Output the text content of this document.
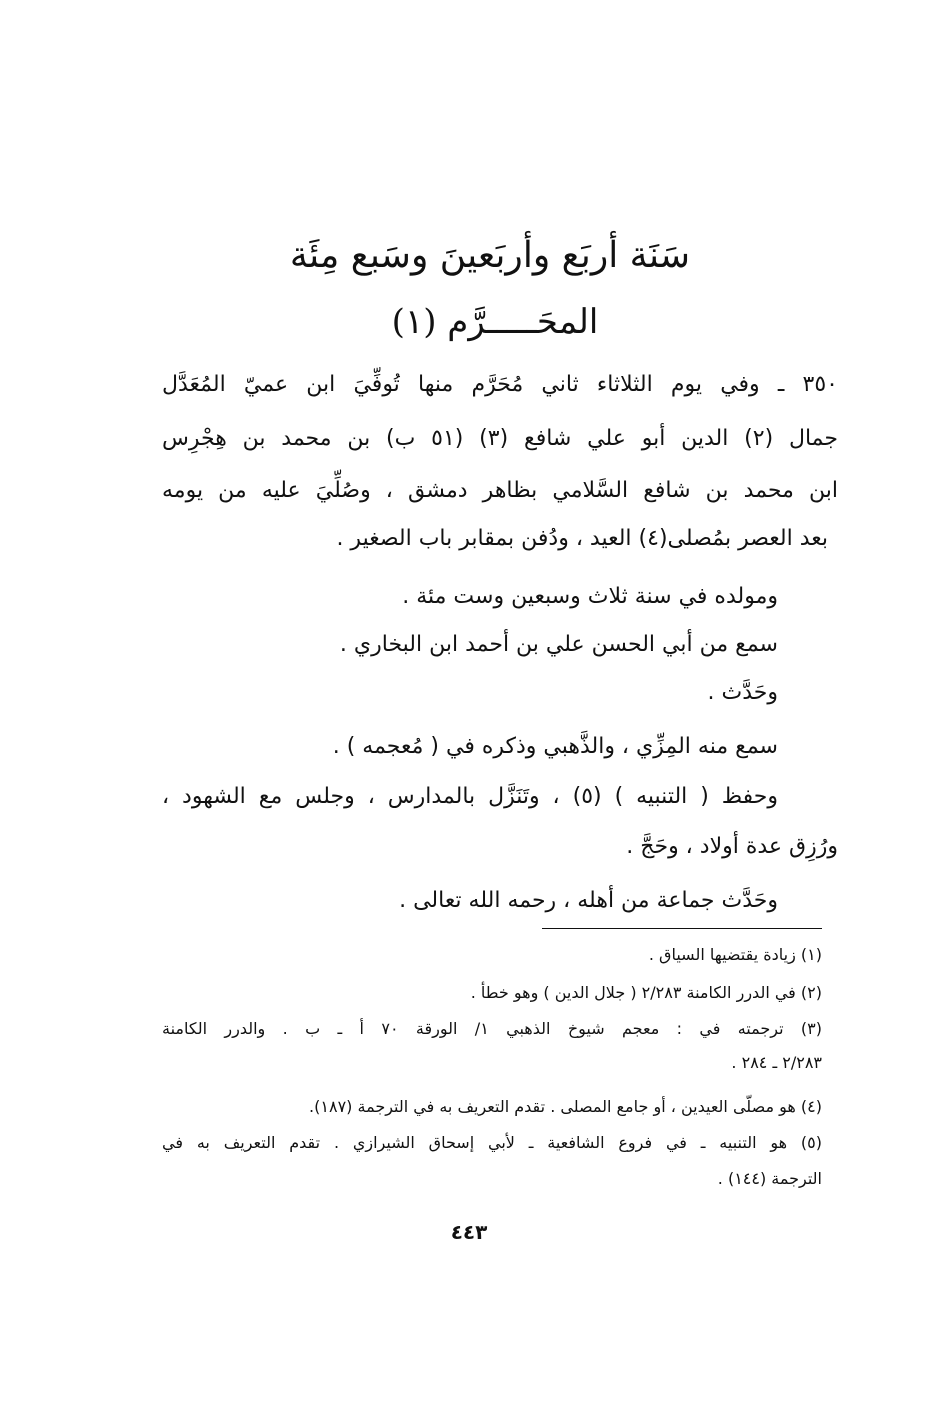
سَنَة أربَع وأربَعينَ وسَبع مِئَة
المحَـــــرَّم (١)
٣٥٠ ـ وفي يوم الثلاثاء ثاني مُحَرَّم منها تُوفِّيَ ابن عميّ المُعَدَّل
جمال (٢) الدين أبو علي شافع (٣) (٥١ ب) بن محمد بن هِجْرِس
ابن محمد بن شافع السَّلامي بظاهر دمشق ، وصُلِّيَ عليه من يومه
بعد العصر بمُصلى(٤) العيد ، ودُفن بمقابر باب الصغير .
ومولده في سنة ثلاث وسبعين وست مئة .
سمع من أبي الحسن علي بن أحمد ابن البخاري .
وحَدَّث .
سمع منه المِزِّي ، والذَّهبي وذكره في ( مُعجمه ) .
وحفظ ( التنبيه ) (٥) ، وتَنَزَّل بالمدارس ، وجلس مع الشهود ،
ورُزِق عدة أولاد ، وحَجَّ .
وحَدَّث جماعة من أهله ، رحمه الله تعالى .
(١) زيادة يقتضيها السياق .
(٢) في الدرر الكامنة ٢/٢٨٣ ( جلال الدين ) وهو خطأ .
(٣) ترجمته في : معجم شيوخ الذهبي ١/ الورقة ٧٠ أ ـ ب . والدرر الكامنة
٢/٢٨٣ ـ ٢٨٤ .
(٤) هو مصلّى العيدين ، أو جامع المصلى . تقدم التعريف به في الترجمة (١٨٧).
(٥) هو التنبيه ـ في فروع الشافعية ـ لأبي إسحاق الشيرازي . تقدم التعريف به في
الترجمة (١٤٤) .
٤٤٣
